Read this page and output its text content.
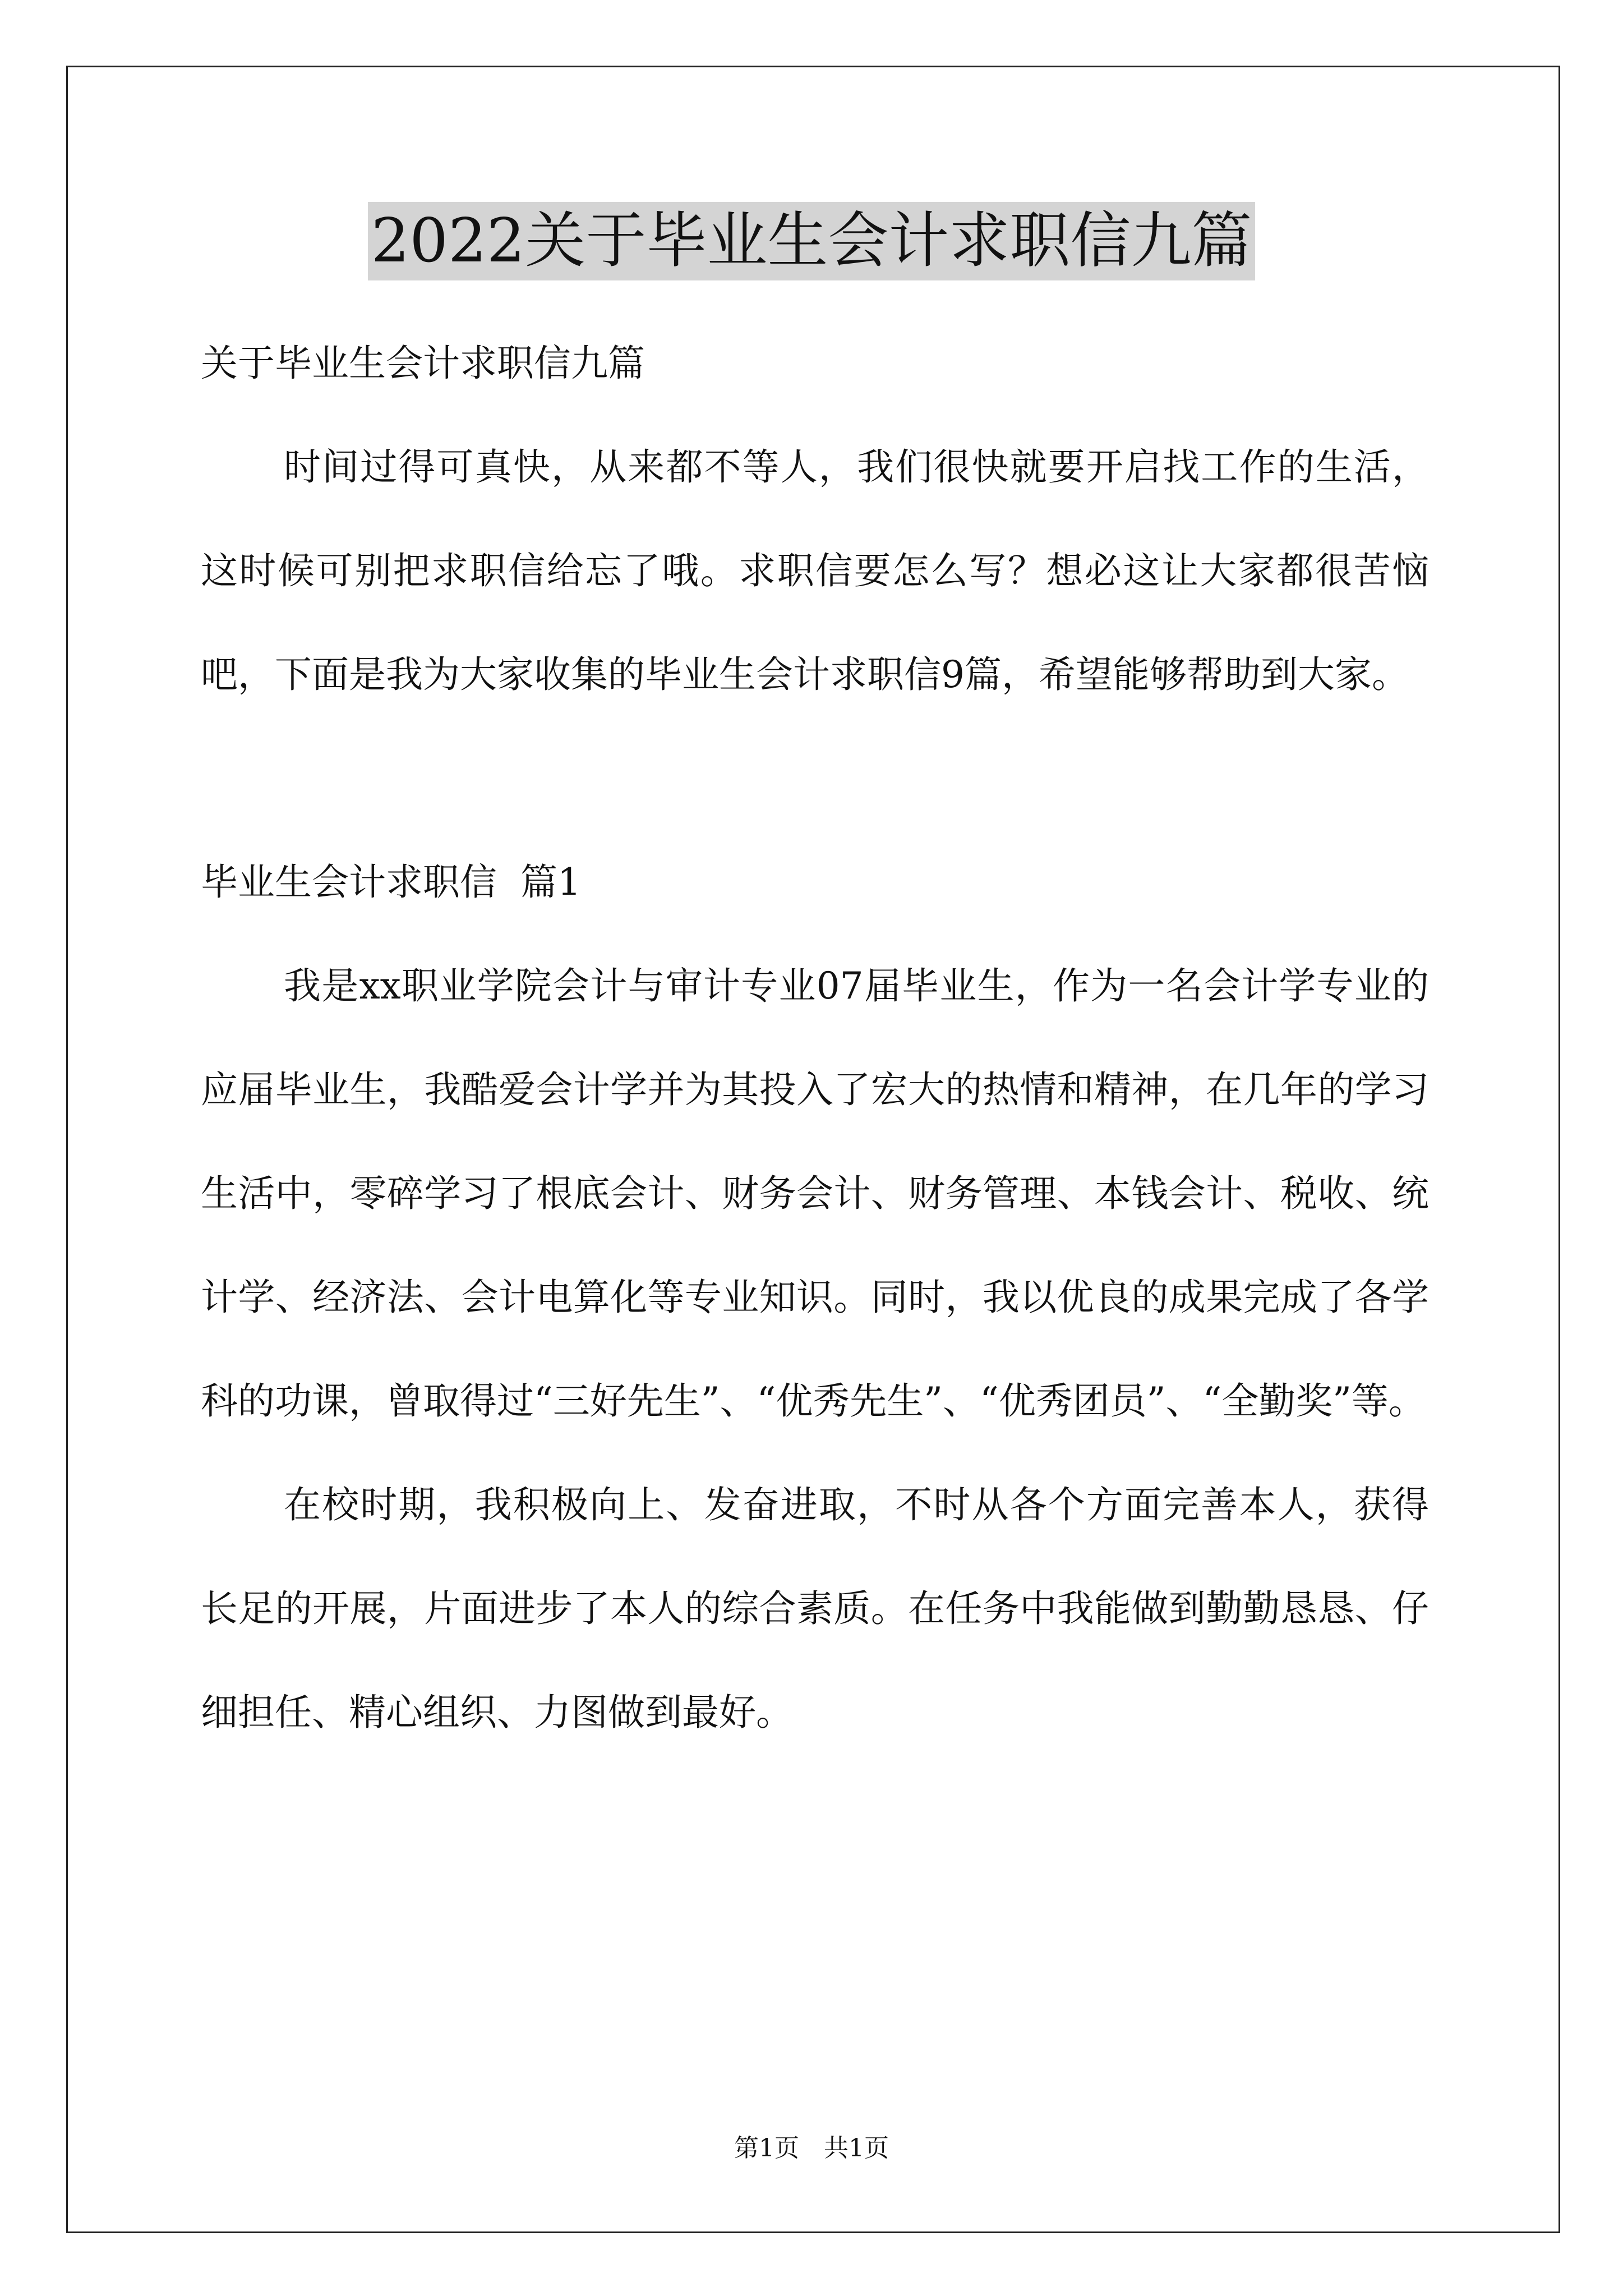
2022关于毕业生会计求职信九篇

关于毕业生会计求职信九篇

时间过得可真快，从来都不等人，我们很快就要开启找工作的生活，这时候可别把求职信给忘了哦。求职信要怎么写？想必这让大家都很苦恼吧，下面是我为大家收集的毕业生会计求职信9篇，希望能够帮助到大家。

毕业生会计求职信  篇1

我是xx职业学院会计与审计专业07届毕业生，作为一名会计学专业的应届毕业生，我酷爱会计学并为其投入了宏大的热情和精神，在几年的学习生活中，零碎学习了根底会计、财务会计、财务管理、本钱会计、税收、统计学、经济法、会计电算化等专业知识。同时，我以优良的成果完成了各学科的功课，曾取得过“三好先生”、“优秀先生”、“优秀团员”、“全勤奖”等。

在校时期，我积极向上、发奋进取，不时从各个方面完善本人，获得长足的开展，片面进步了本人的综合素质。在任务中我能做到勤勤恳恳、仔细担任、精心组织、力图做到最好。

第1页 共1页
